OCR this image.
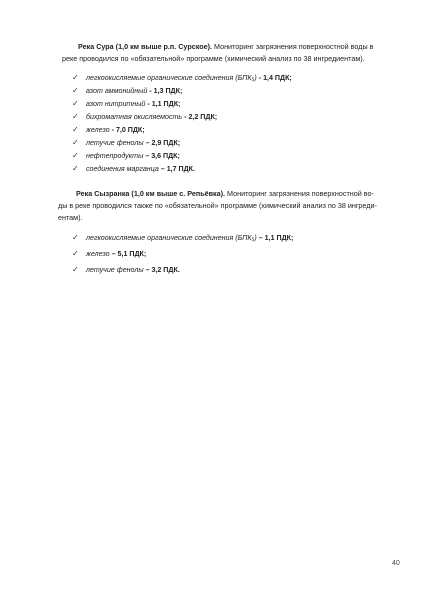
Река Сура (1,0 км выше р.п. Сурское). Мониторинг загрязнения поверхностной воды в
реке проводился по «обязательной» программе (химический анализ по 38 ингредиентам).
✓ легкоокисляемые органические соединения (БПК₅) - 1,4 ПДК;
✓ азот аммонийный - 1,3 ПДК;
✓ азот нитритный - 1,1 ПДК;
✓ бихроматная окисляемость - 2,2 ПДК;
✓ железо - 7,0 ПДК;
✓ летучие фенолы – 2,9 ПДК;
✓ нефтепродукты – 3,6 ПДК;
✓ соединения марганца – 1,7 ПДК.
Река Сызранка (1,0 км выше с. Репьёвка). Мониторинг загрязнения поверхностной во-
ды в реке проводился также по «обязательной» программе (химический анализ по 38 ингреди-
ентам).
✓ легкоокисляемые органические соединения (БПК₅) – 1,1 ПДК;
✓ железо – 5,1 ПДК;
✓ летучие фенолы – 3,2 ПДК.
40
